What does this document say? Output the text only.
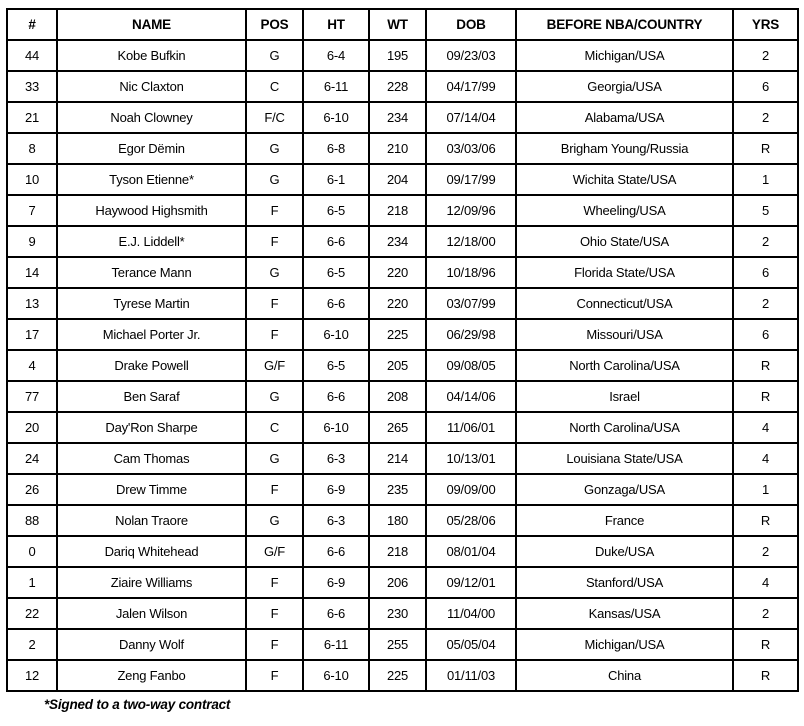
#	NAME	POS	HT	WT	DOB	BEFORE NBA/COUNTRY	YRS
44	Kobe Bufkin	G	6-4	195	09/23/03	Michigan/USA	2
33	Nic Claxton	C	6-11	228	04/17/99	Georgia/USA	6
21	Noah Clowney	F/C	6-10	234	07/14/04	Alabama/USA	2
8	Egor Dëmin	G	6-8	210	03/03/06	Brigham Young/Russia	R
10	Tyson Etienne*	G	6-1	204	09/17/99	Wichita State/USA	1
7	Haywood Highsmith	F	6-5	218	12/09/96	Wheeling/USA	5
9	E.J. Liddell*	F	6-6	234	12/18/00	Ohio State/USA	2
14	Terance Mann	G	6-5	220	10/18/96	Florida State/USA	6
13	Tyrese Martin	F	6-6	220	03/07/99	Connecticut/USA	2
17	Michael Porter Jr.	F	6-10	225	06/29/98	Missouri/USA	6
4	Drake Powell	G/F	6-5	205	09/08/05	North Carolina/USA	R
77	Ben Saraf	G	6-6	208	04/14/06	Israel	R
20	Day'Ron Sharpe	C	6-10	265	11/06/01	North Carolina/USA	4
24	Cam Thomas	G	6-3	214	10/13/01	Louisiana State/USA	4
26	Drew Timme	F	6-9	235	09/09/00	Gonzaga/USA	1
88	Nolan Traore	G	6-3	180	05/28/06	France	R
0	Dariq Whitehead	G/F	6-6	218	08/01/04	Duke/USA	2
1	Ziaire Williams	F	6-9	206	09/12/01	Stanford/USA	4
22	Jalen Wilson	F	6-6	230	11/04/00	Kansas/USA	2
2	Danny Wolf	F	6-11	255	05/05/04	Michigan/USA	R
12	Zeng Fanbo	F	6-10	225	01/11/03	China	R
*Signed to a two-way contract
